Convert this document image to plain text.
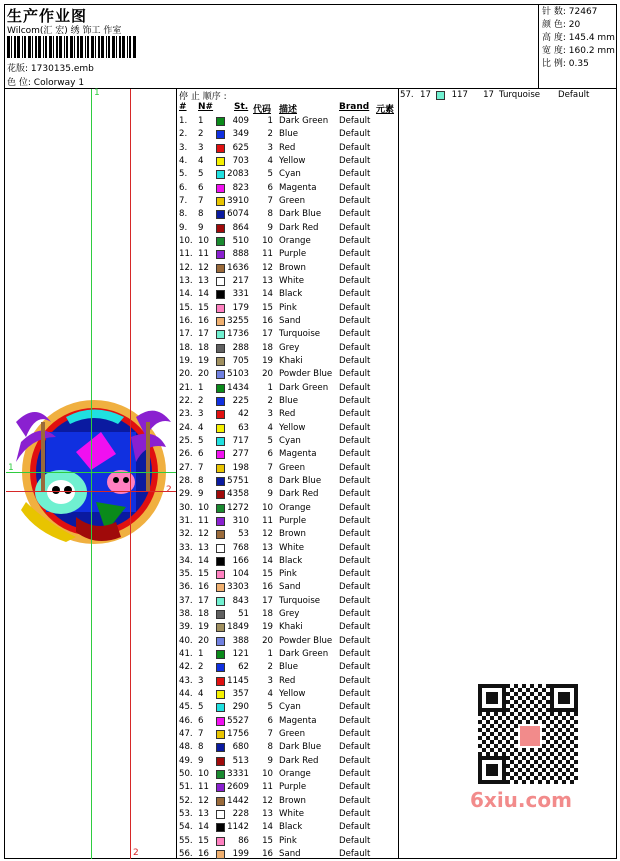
生产作业图
Wilcom(汇 宏) 绣 饰工 作室
花版: 1730135.emb
色 位: Colorway 1
针 数: 72467
颜 色: 20
高 度: 145.4 mm
宽 度: 160.2 mm
比 例: 0.35
1
2
1
2
停 止 顺序 :
# N# St. 代码 描述	Brand 元素
1. 1	409	1 Dark Green Default
2. 2	349	2 Blue	Default
3. 3	625	3 Red	Default
4. 4	703	4 Yellow	Default
5. 5	2083	5 Cyan	Default
6. 6	823	6 Magenta	Default
7. 7	3910	7 Green	Default
8. 8	6074	8 Dark Blue Default
9. 9	864	9 Dark Red Default
10. 10	510	10 Orange	Default
11. 11	888	11 Purple	Default
12. 12 1636	12 Brown	Default
13. 13	217	13 White	Default
14. 14	331	14 Black	Default
15. 15	179	15 Pink	Default
16. 16 3255	16 Sand	Default
17. 17 1736	17 Turquoise Default
18. 18	288	18 Grey	Default
19. 19	705	19 Khaki	Default
20. 20 5103	20 Powder Blue Default
21. 1	1434	1 Dark Green Default
22. 2	225	2 Blue	Default
23. 3	42	3 Red	Default
24. 4	63	4 Yellow	Default
25. 5	717	5 Cyan	Default
26. 6	277	6 Magenta	Default
27. 7	198	7 Green	Default
28. 8	5751	8 Dark Blue Default
29. 9	4358	9 Dark Red Default
30. 10 1272	10 Orange	Default
31. 11	310	11 Purple	Default
32. 12	53	12 Brown	Default
33. 13	768	13 White	Default
34. 14	166	14 Black	Default
35. 15	104	15 Pink	Default
36. 16 3303	16 Sand	Default
37. 17	843	17 Turquoise Default
38. 18	51	18 Grey	Default
39. 19 1849	19 Khaki	Default
40. 20	388	20 Powder Blue Default
41. 1	121	1 Dark Green Default
42. 2	62	2 Blue	Default
43. 3	1145	3 Red	Default
44. 4	357	4 Yellow	Default
45. 5	290	5 Cyan	Default
46. 6	5527	6 Magenta	Default
47. 7	1756	7 Green	Default
48. 8	680	8 Dark Blue Default
49. 9	513	9 Dark Red Default
50. 10 3331	10 Orange	Default
51. 11 2609	11 Purple	Default
52. 12 1442	12 Brown	Default
53. 13	228	13 White	Default
54. 14 1142	14 Black	Default
55. 15	86	15 Pink	Default
56. 16	199	16 Sand	Default
57. 17 117	17 Turquoise Default
6xiu.com
